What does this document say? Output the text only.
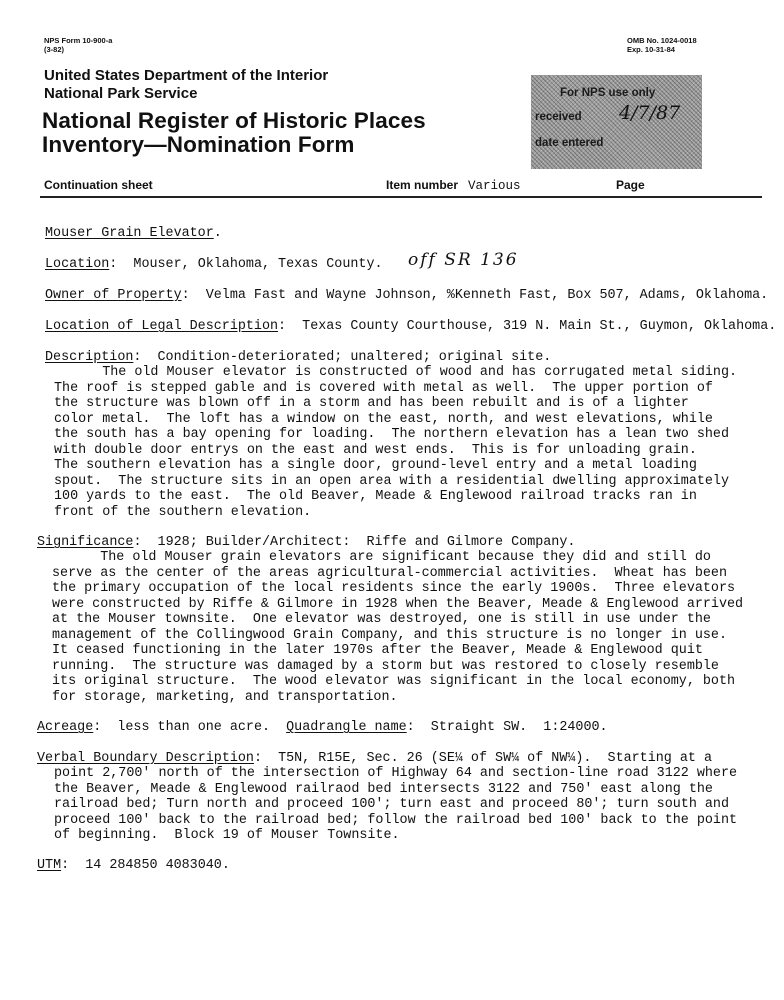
NPS Form 10-900-a
(3-82)
OMB No. 1024-0018
Exp. 10-31-84
United States Department of the Interior
National Park Service
National Register of Historic Places
Inventory—Nomination Form
For NPS use only
received 4/7/87
date entered
Continuation sheet	Item number Various	Page
Mouser Grain Elevator.
Location:  Mouser, Oklahoma, Texas County. off SR 136
Owner of Property:  Velma Fast and Wayne Johnson, %Kenneth Fast, Box 507, Adams, Oklahoma.
Location of Legal Description:  Texas County Courthouse, 319 N. Main St., Guymon, Oklahoma.
Description:  Condition-deteriorated; unaltered; original site.
The old Mouser elevator is constructed of wood and has corrugated metal siding.
The roof is stepped gable and is covered with metal as well.  The upper portion of
the structure was blown off in a storm and has been rebuilt and is of a lighter
color metal.  The loft has a window on the east, north, and west elevations, while
the south has a bay opening for loading.  The northern elevation has a lean two shed
with double door entrys on the east and west ends.  This is for unloading grain.
The southern elevation has a single door, ground-level entry and a metal loading
spout.  The structure sits in an open area with a residential dwelling approximately
100 yards to the east.  The old Beaver, Meade & Englewood railroad tracks ran in
front of the southern elevation.
Significance:  1928; Builder/Architect:  Riffe and Gilmore Company.
The old Mouser grain elevators are significant because they did and still do
serve as the center of the areas agricultural-commercial activities.  Wheat has been
the primary occupation of the local residents since the early 1900s.  Three elevators
were constructed by Riffe & Gilmore in 1928 when the Beaver, Meade & Englewood arrived
at the Mouser townsite.  One elevator was destroyed, one is still in use under the
management of the Collingwood Grain Company, and this structure is no longer in use.
It ceased functioning in the later 1970s after the Beaver, Meade & Englewood quit
running.  The structure was damaged by a storm but was restored to closely resemble
its original structure.  The wood elevator was significant in the local economy, both
for storage, marketing, and transportation.
Acreage:  less than one acre. Quadrangle name:  Straight SW.  1:24000.
Verbal Boundary Description:  T5N, R15E, Sec. 26 (SE¼ of SW¼ of NW¼).  Starting at a
point 2,700' north of the intersection of Highway 64 and section-line road 3122 where
the Beaver, Meade & Englewood railraod bed intersects 3122 and 750' east along the
railroad bed; Turn north and proceed 100'; turn east and proceed 80'; turn south and
proceed 100' back to the railroad bed; follow the railroad bed 100' back to the point
of beginning.  Block 19 of Mouser Townsite.
UTM:  14 284850 4083040.
